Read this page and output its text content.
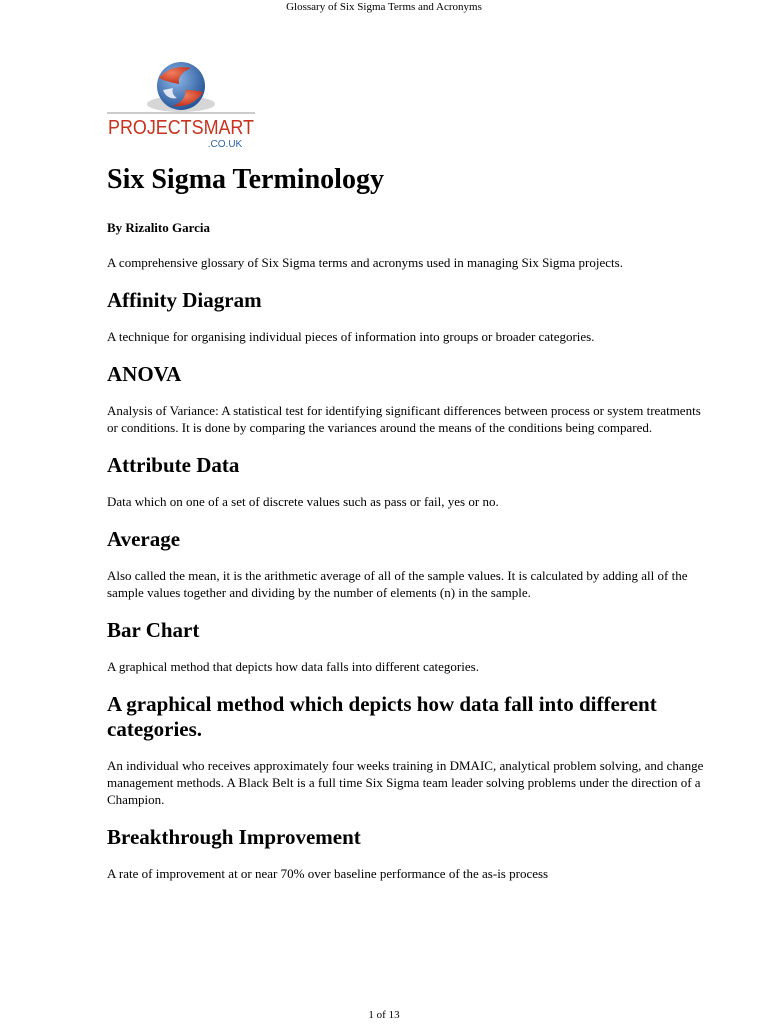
Glossary of Six Sigma Terms and Acronyms
PROJECTSMART
.CO.UK
Six Sigma Terminology
By Rizalito Garcia

A comprehensive glossary of Six Sigma terms and acronyms used in managing Six Sigma projects.

Affinity Diagram

A technique for organising individual pieces of information into groups or broader categories.

ANOVA

Analysis of Variance: A statistical test for identifying significant differences between process or system treatments or conditions. It is done by comparing the variances around the means of the conditions being compared.

Attribute Data

Data which on one of a set of discrete values such as pass or fail, yes or no.

Average

Also called the mean, it is the arithmetic average of all of the sample values. It is calculated by adding all of the sample values together and dividing by the number of elements (n) in the sample.

Bar Chart

A graphical method that depicts how data falls into different categories.

A graphical method which depicts how data fall into different categories.

An individual who receives approximately four weeks training in DMAIC, analytical problem solving, and change management methods. A Black Belt is a full time Six Sigma team leader solving problems under the direction of a Champion.

Breakthrough Improvement

A rate of improvement at or near 70% over baseline performance of the as-is process

1 of 13
